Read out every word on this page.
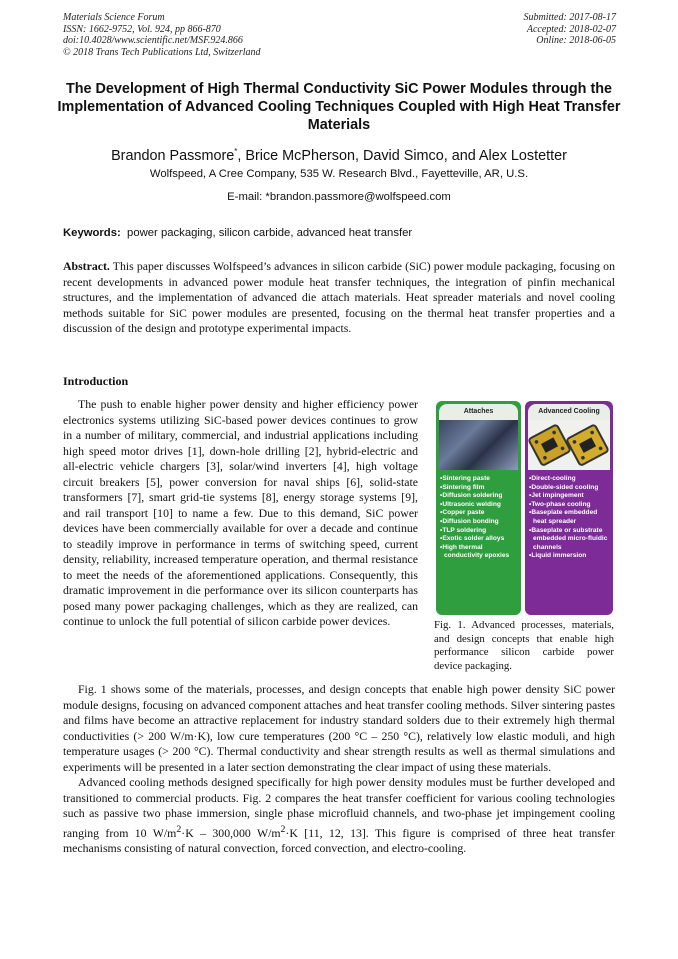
Materials Science Forum
ISSN: 1662-9752, Vol. 924, pp 866-870
doi:10.4028/www.scientific.net/MSF.924.866
© 2018 Trans Tech Publications Ltd, Switzerland
Submitted: 2017-08-17
Accepted: 2018-02-07
Online: 2018-06-05
The Development of High Thermal Conductivity SiC Power Modules through the Implementation of Advanced Cooling Techniques Coupled with High Heat Transfer Materials
Brandon Passmore*, Brice McPherson, David Simco, and Alex Lostetter
Wolfspeed, A Cree Company, 535 W. Research Blvd., Fayetteville, AR, U.S.
E-mail: *brandon.passmore@wolfspeed.com
Keywords: power packaging, silicon carbide, advanced heat transfer

Abstract. This paper discusses Wolfspeed’s advances in silicon carbide (SiC) power module packaging, focusing on recent developments in advanced power module heat transfer techniques, the integration of pinfin mechanical structures, and the implementation of advanced die attach materials. Heat spreader materials and novel cooling methods suitable for SiC power modules are presented, focusing on the thermal heat transfer properties and a discussion of the design and prototype experimental impacts.

Introduction

The push to enable higher power density and higher efficiency power electronics systems utilizing SiC-based power devices continues to grow in a number of military, commercial, and industrial applications including high speed motor drives [1], down-hole drilling [2], hybrid-electric and all-electric vehicle chargers [3], solar/wind inverters [4], high voltage circuit breakers [5], power conversion for naval ships [6], solid-state transformers [7], smart grid-tie systems [8], energy storage systems [9], and rail transport [10] to name a few. Due to this demand, SiC power devices have been commercially available for over a decade and continue to steadily improve in performance in terms of switching speed, current density, reliability, increased temperature operation, and thermal resistance to meet the needs of the aforementioned applications. Consequently, this dramatic improvement in die performance over its silicon counterparts has posed many power packaging challenges, which as they are realized, can continue to unlock the full potential of silicon carbide power devices.

Attaches
• Sintering paste
• Sintering film
• Diffusion soldering
• Ultrasonic welding
• Copper paste
• Diffusion bonding
• TLP soldering
• Exotic solder alloys
• High thermal conductivity epoxies
Advanced Cooling
• Direct-cooling
• Double-sided cooling
• Jet impingement
• Two-phase cooling
• Baseplate embedded heat spreader
• Baseplate or substrate embedded micro-fluidic channels
• Liquid immersion
Fig. 1. Advanced processes, materials, and design concepts that enable high performance silicon carbide power device packaging.

Fig. 1 shows some of the materials, processes, and design concepts that enable high power density SiC power module designs, focusing on advanced component attaches and heat transfer cooling methods. Silver sintering pastes and films have become an attractive replacement for industry standard solders due to their extremely high thermal conductivities (> 200 W/m·K), low cure temperatures (200 °C – 250 °C), relatively low elastic moduli, and high temperature usages (> 200 °C). Thermal conductivity and shear strength results as well as thermal simulations and experiments will be presented in a later section demonstrating the clear impact of using these materials.

Advanced cooling methods designed specifically for high power density modules must be further developed and transitioned to commercial products. Fig. 2 compares the heat transfer coefficient for various cooling technologies such as passive two phase immersion, single phase microfluid channels, and two-phase jet impingement cooling ranging from 10 $W/m^2\cdot K - 300,000$ $W/m^2\cdot K$ [11, 12, 13]. This figure is comprised of three heat transfer mechanisms consisting of natural convection, forced convection, and electro-cooling.
